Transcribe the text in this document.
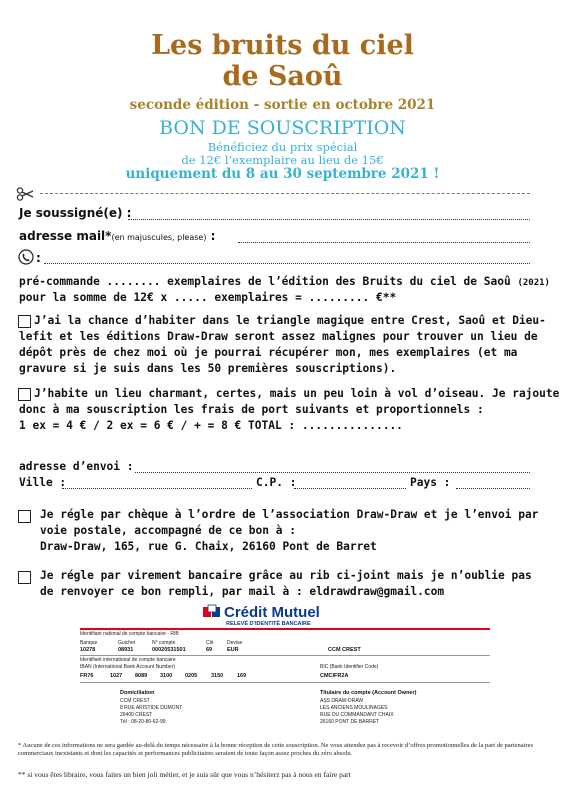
Les bruits du ciel
de Saoû
seconde édition - sortie en octobre 2021
BON DE SOUSCRIPTION
Bénéficiez du prix spécial
de 12€ l’exemplaire au lieu de 15€
uniquement du 8 au 30 septembre 2021 !
Je soussigné(e) :
adresse mail*(en majuscules, please) :
:
pré-commande ........ exemplaires de l’édition des Bruits du ciel de Saoû (2021)
pour la somme de 12€ x ..... exemplaires = ......... €**
J’ai la chance d’habiter dans le triangle magique entre Crest, Saoû et Dieu-
lefit et les éditions Draw-Draw seront assez malignes pour trouver un lieu de
dépôt près de chez moi où je pourrai récupérer mon, mes exemplaires (et ma
gravure si je suis dans les 50 premières souscriptions).
J’habite un lieu charmant, certes, mais un peu loin à vol d’oiseau. Je rajoute
donc à ma souscription les frais de port suivants et proportionnels :
1 ex = 4 € / 2 ex = 6 € / + = 8 € TOTAL : ...............
adresse d’envoi :
Ville :	C.P. :	Pays :
Je régle par chèque à l’ordre de l’association Draw-Draw et je l’envoi par
voie postale, accompagné de ce bon à :
Draw-Draw, 165, rue G. Chaix, 26160 Pont de Barret
Je régle par virement bancaire grâce au rib ci-joint mais je n’oublie pas
de renvoyer ce bon rempli, par mail à : eldrawdraw@gmail.com
Crédit Mutuel
RELEVÉ D’IDENTITÉ BANCAIRE
Identifiant national de compte bancaire - RIB
Banque	Guichet	N° compte	Clé	Devise
10278	08931	00020531501	69	EUR	CCM CREST
Identifiant international de compte bancaire
IBAN (International Bank Account Number)	BIC (Bank Identifier Code)
FR76	1027 8089 3100 0205	3150	169	CMCIFR2A
Domiciliation
CCM CREST
8 RUE ARISTIDE DUMONT
26400 CREST
Tél : 08-20-80-62-99
Titulaire du compte (Account Owner)
ASS DRAW-DRAW
LES ANCIENS MOULINAGES
RUE DU COMMANDANT CHAIX
26160 PONT DE BARRET
* Aucune de ces informations ne sera gardée au-delà du temps nécessaire à la bonne réception de cette souscription. Ne vous attendez pas à recevoir d’offres promotionnelles de la part de partenaires commerciaux inexistants et dont les capacités et performances publicitaires seraient de toute façon assez proches du zéro absolu.
** si vous êtes libraire, vous faites un bien joli métier, et je suis sûr que vous n’hésiterz pas à nous en faire part
